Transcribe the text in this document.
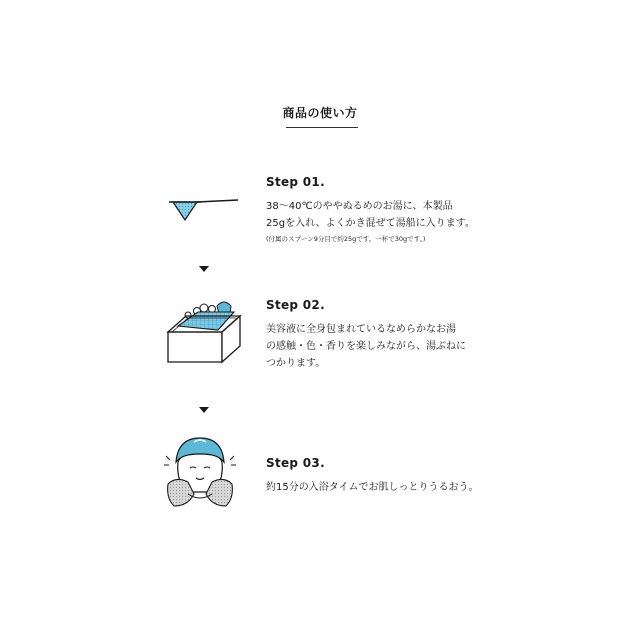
商品の使い方
Step 01.
38〜40℃のややぬるめのお湯に、本製品
25gを入れ、よくかき混ぜて湯船に入ります。
(付属のスプーン9分目で約25gです。一杯で30gです。)
Step 02.
美容液に全身包まれているなめらかなお湯
の感触・色・香りを楽しみながら、湯ぶねに
つかります。
Step 03.
約15分の入浴タイムでお肌しっとりうるおう。
